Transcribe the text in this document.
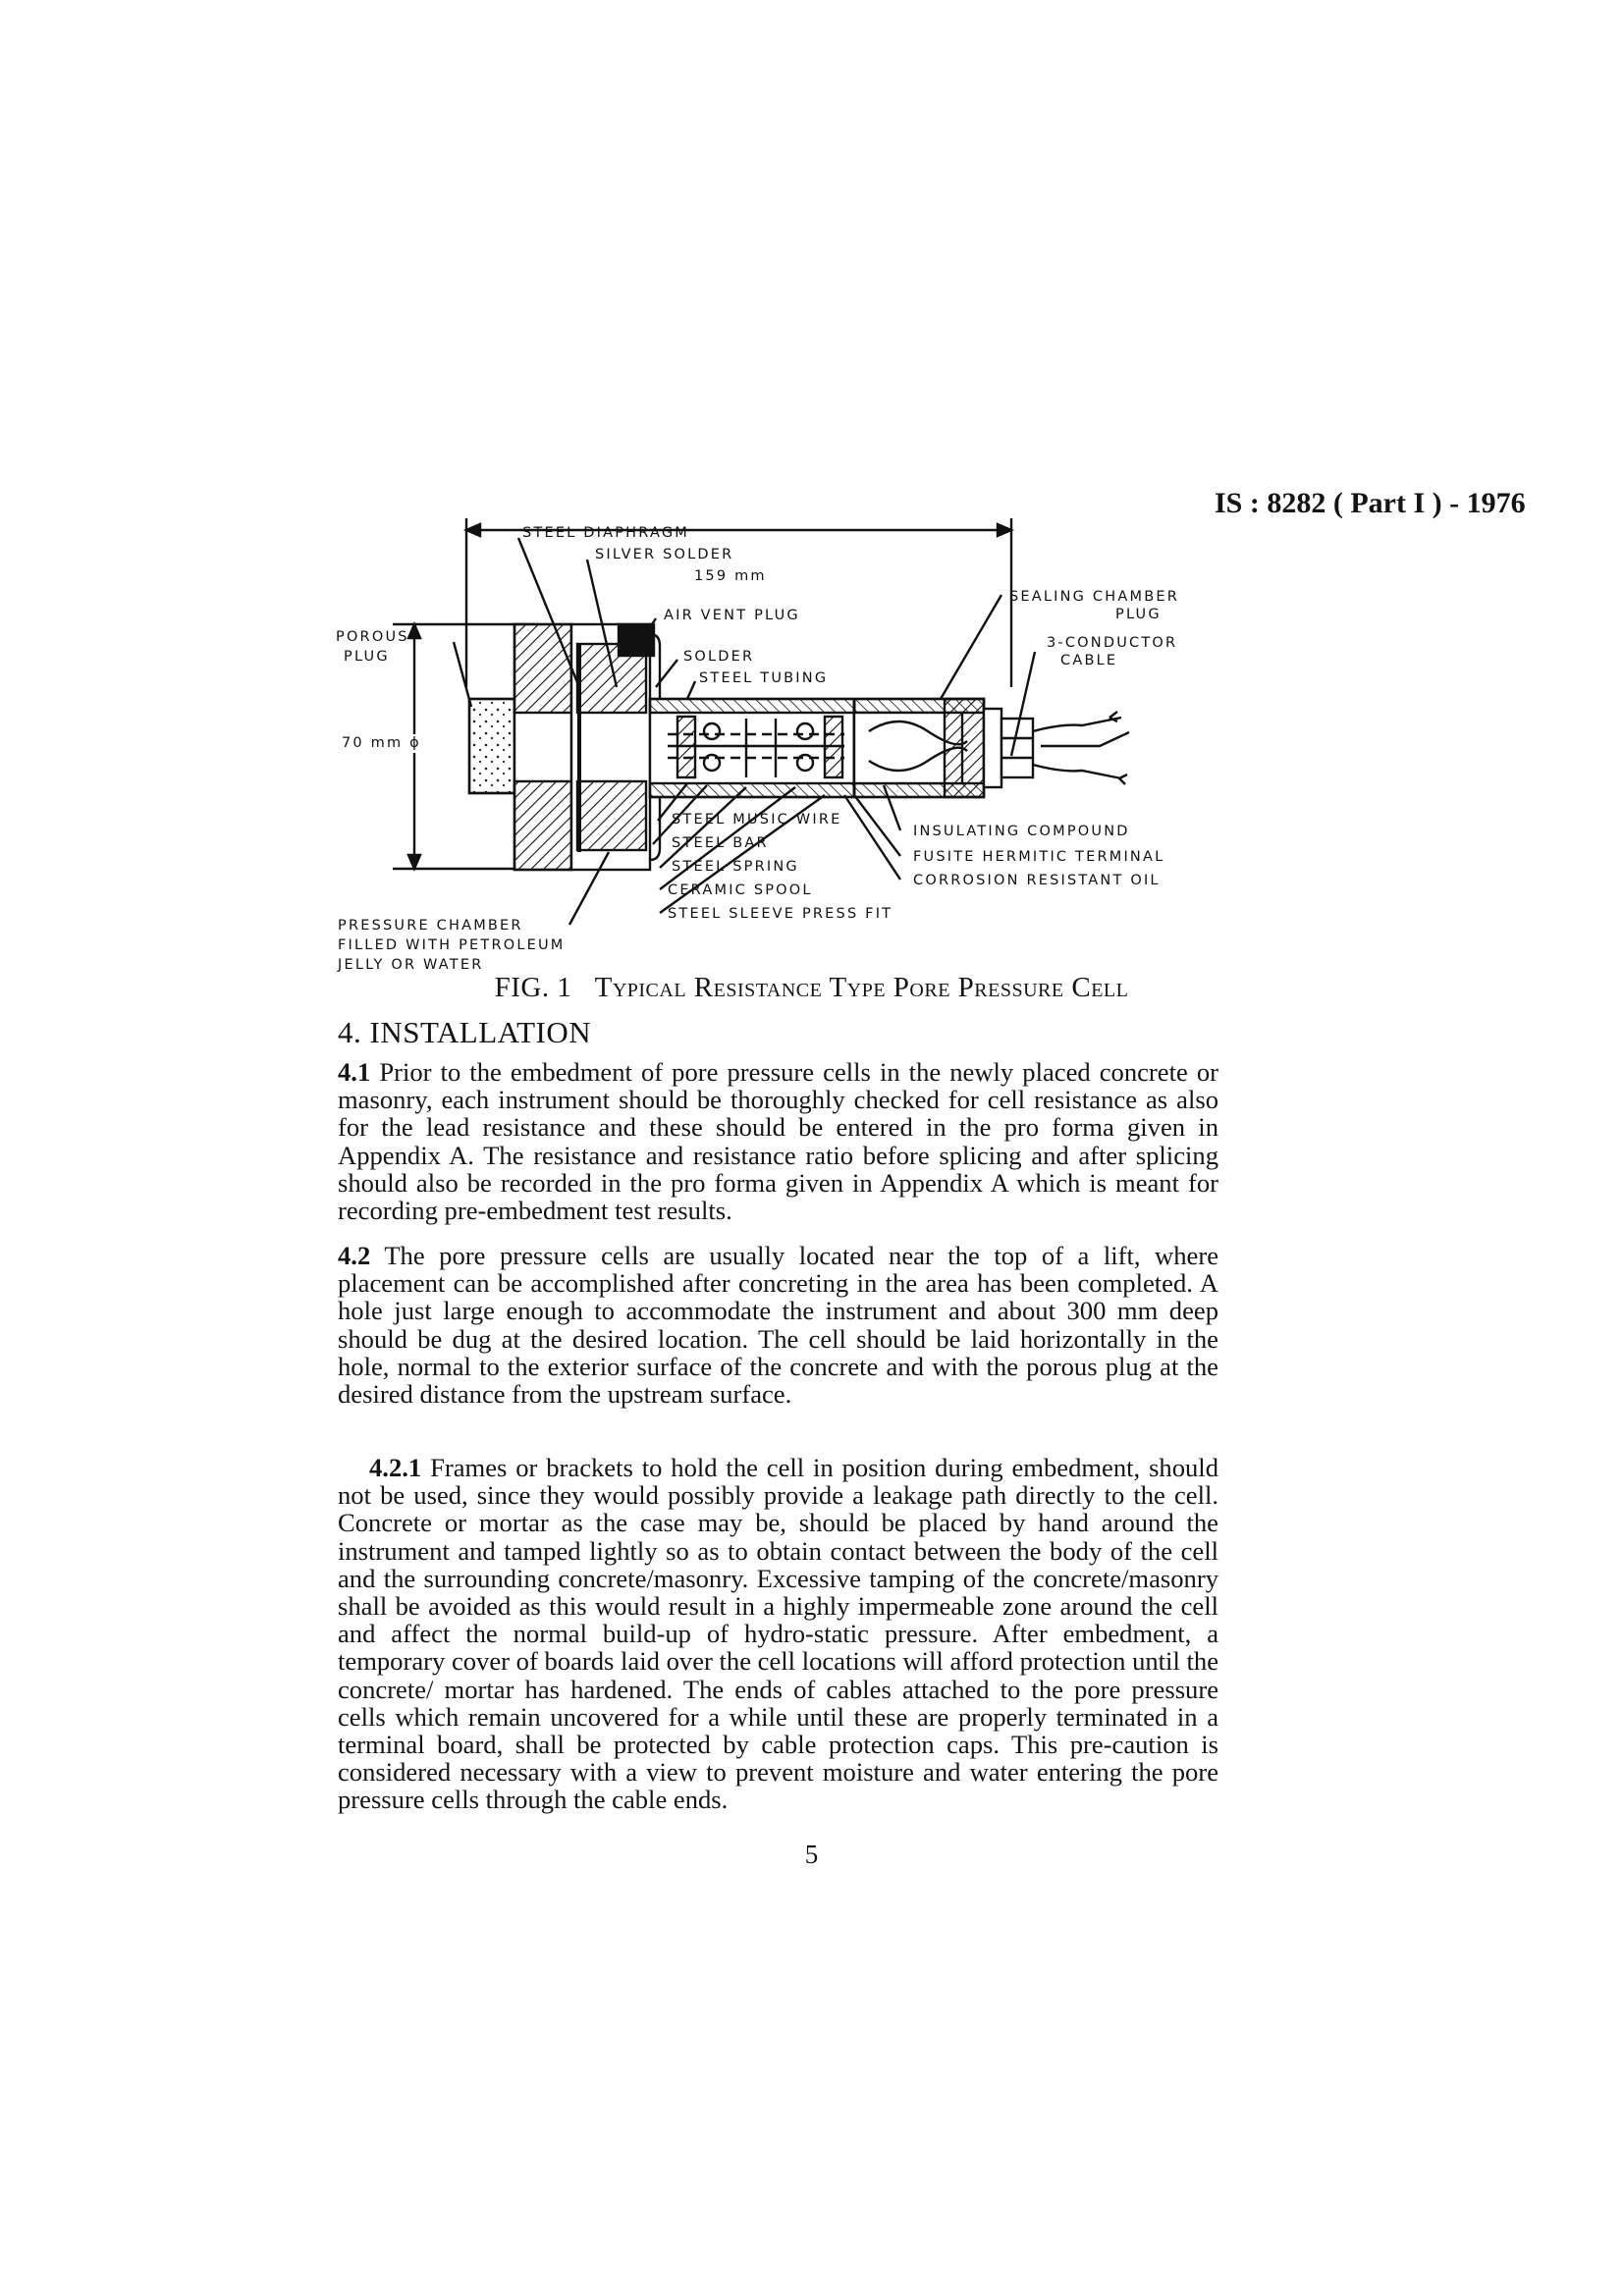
IS : 8282 ( Part I ) - 1976
STEEL DIAPHRAGM
SILVER SOLDER
159 mm
AIR VENT PLUG
SOLDER
STEEL TUBING
SEALING CHAMBER
PLUG
3-CONDUCTOR
CABLE
POROUS
PLUG
70 mm ϕ
STEEL MUSIC WIRE
STEEL BAR
STEEL SPRING
CERAMIC SPOOL
STEEL SLEEVE PRESS FIT
INSULATING COMPOUND
FUSITE HERMITIC TERMINAL
CORROSION RESISTANT OIL
PRESSURE CHAMBER
FILLED WITH PETROLEUM
JELLY OR WATER
FIG. 1 Typical Resistance Type Pore Pressure Cell
4. INSTALLATION

4.1 Prior to the embedment of pore pressure cells in the newly placed concrete or masonry, each instrument should be thoroughly checked for cell resistance as also for the lead resistance and these should be entered in the pro forma given in Appendix A. The resistance and resistance ratio before splicing and after splicing should also be recorded in the pro forma given in Appendix A which is meant for recording pre-embedment test results.

4.2 The pore pressure cells are usually located near the top of a lift, where placement can be accomplished after concreting in the area has been completed. A hole just large enough to accommodate the instrument and about 300 mm deep should be dug at the desired location. The cell should be laid horizontally in the hole, normal to the exterior surface of the concrete and with the porous plug at the desired distance from the upstream surface.

4.2.1 Frames or brackets to hold the cell in position during embedment, should not be used, since they would possibly provide a leakage path directly to the cell. Concrete or mortar as the case may be, should be placed by hand around the instrument and tamped lightly so as to obtain contact between the body of the cell and the surrounding concrete/masonry. Excessive tamping of the concrete/masonry shall be avoided as this would result in a highly impermeable zone around the cell and affect the normal build-up of hydro-static pressure. After embedment, a temporary cover of boards laid over the cell locations will afford protection until the concrete/ mortar has hardened. The ends of cables attached to the pore pressure cells which remain uncovered for a while until these are properly terminated in a terminal board, shall be protected by cable protection caps. This pre-caution is considered necessary with a view to prevent moisture and water entering the pore pressure cells through the cable ends.

5
